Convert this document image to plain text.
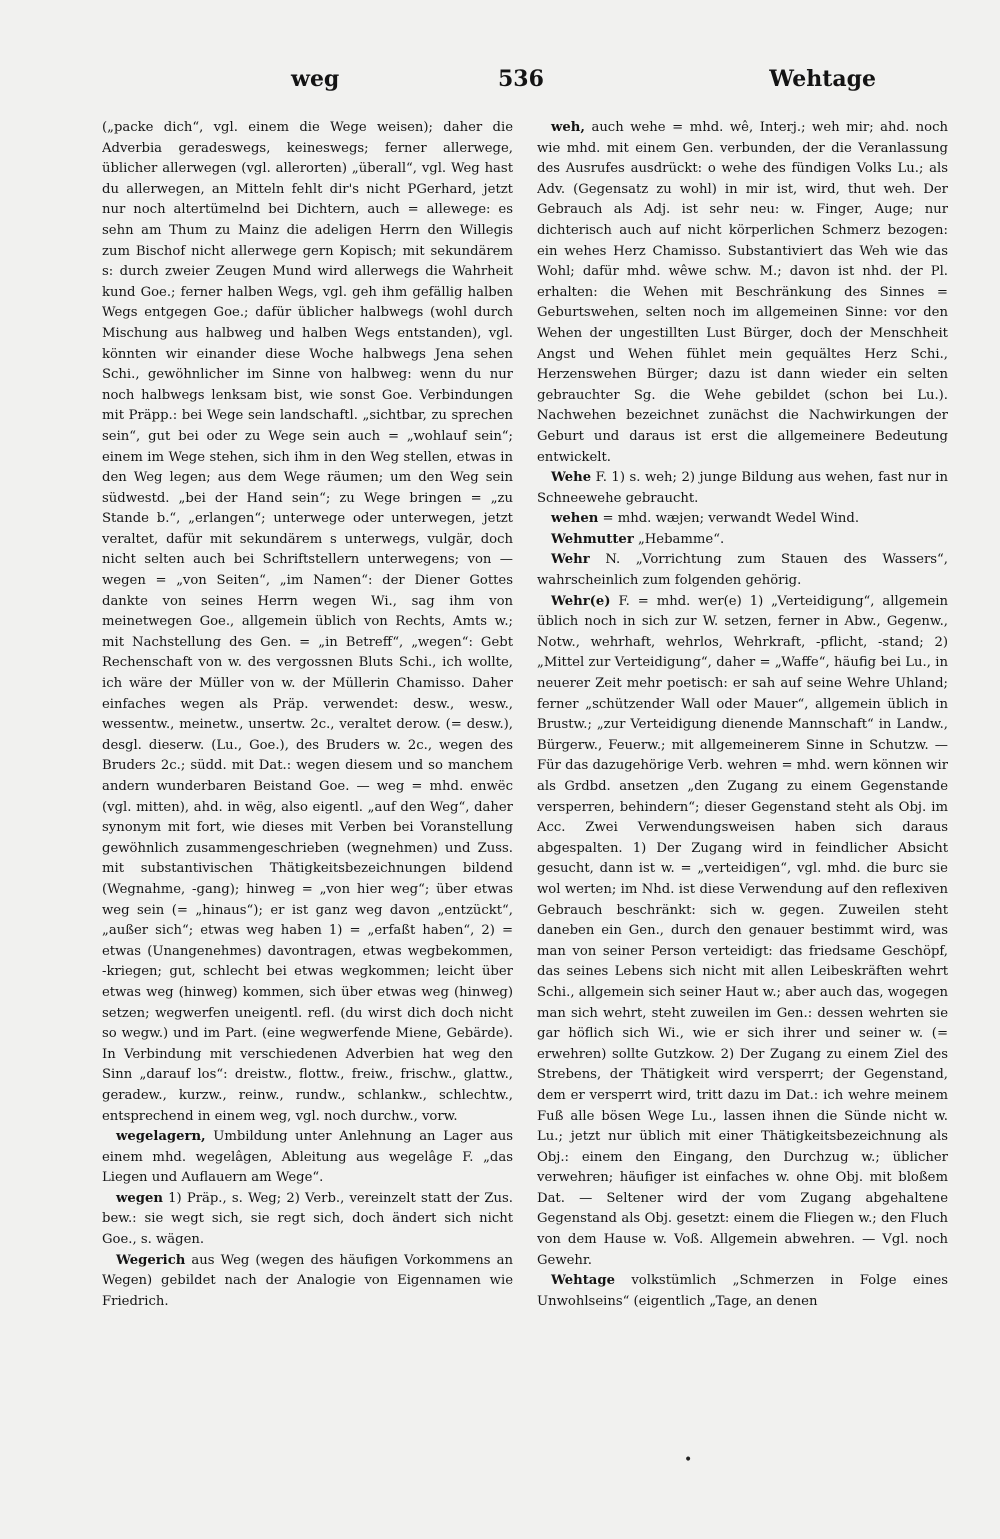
weg	536	Wehtage

(„packe dich“, vgl. einem die Wege weisen); daher die Adverbia geradeswegs, keineswegs; ferner allerwege, üblicher allerwegen (vgl. allerorten) „überall“, vgl. Weg hast du allerwegen, an Mitteln fehlt dir's nicht PGerhard, jetzt nur noch altertümelnd bei Dichtern, auch = allewege: es sehn am Thum zu Mainz die adeligen Herrn den Willegis zum Bischof nicht allerwege gern Kopisch; mit sekundärem s: durch zweier Zeugen Mund wird allerwegs die Wahrheit kund Goe.; ferner halben Wegs, vgl. geh ihm gefällig halben Wegs entgegen Goe.; dafür üblicher halbwegs (wohl durch Mischung aus halbweg und halben Wegs entstanden), vgl. könnten wir einander diese Woche halbwegs Jena sehen Schi., gewöhnlicher im Sinne von halbweg: wenn du nur noch halbwegs lenksam bist, wie sonst Goe. Verbindungen mit Präpp.: bei Wege sein landschaftl. „sichtbar, zu sprechen sein“, gut bei oder zu Wege sein auch = „wohlauf sein“; einem im Wege stehen, sich ihm in den Weg stellen, etwas in den Weg legen; aus dem Wege räumen; um den Weg sein südwestd. „bei der Hand sein“; zu Wege bringen = „zu Stande b.“, „erlangen“; unterwege oder unterwegen, jetzt veraltet, dafür mit sekundärem s unterwegs, vulgär, doch nicht selten auch bei Schriftstellern unterwegens; von — wegen = „von Seiten“, „im Namen“: der Diener Gottes dankte von seines Herrn wegen Wi., sag ihm von meinetwegen Goe., allgemein üblich von Rechts, Amts w.; mit Nachstellung des Gen. = „in Betreff“, „wegen“: Gebt Rechenschaft von w. des vergossnen Bluts Schi., ich wollte, ich wäre der Müller von w. der Müllerin Chamisso. Daher einfaches wegen als Präp. verwendet: desw., wesw., wessentw., meinetw., unsertw. 2c., veraltet derow. (= desw.), desgl. dieserw. (Lu., Goe.), des Bruders w. 2c., wegen des Bruders 2c.; südd. mit Dat.: wegen diesem und so manchem andern wunderbaren Beistand Goe. — weg = mhd. enwëc (vgl. mitten), ahd. in wëg, also eigentl. „auf den Weg“, daher synonym mit fort, wie dieses mit Verben bei Voranstellung gewöhnlich zusammengeschrieben (wegnehmen) und Zuss. mit substantivischen Thätigkeitsbezeichnungen bildend (Wegnahme, -gang); hinweg = „von hier weg“; über etwas weg sein (= „hinaus“); er ist ganz weg davon „entzückt“, „außer sich“; etwas weg haben 1) = „erfaßt haben“, 2) = etwas (Unangenehmes) davontragen, etwas wegbekommen, -kriegen; gut, schlecht bei etwas wegkommen; leicht über etwas weg (hinweg) kommen, sich über etwas weg (hinweg) setzen; wegwerfen uneigentl. refl. (du wirst dich doch nicht so wegw.) und im Part. (eine wegwerfende Miene, Gebärde). In Verbindung mit verschiedenen Adverbien hat weg den Sinn „darauf los“: dreistw., flottw., freiw., frischw., glattw., geradew., kurzw., reinw., rundw., schlankw., schlechtw., entsprechend in einem weg, vgl. noch durchw., vorw.

wegelagern, Umbildung unter Anlehnung an Lager aus einem mhd. wegelâgen, Ableitung aus wegelâge F. „das Liegen und Auflauern am Wege“.

wegen 1) Präp., s. Weg; 2) Verb., vereinzelt statt der Zus. bew.: sie wegt sich, sie regt sich, doch ändert sich nicht Goe., s. wägen.

Wegerich aus Weg (wegen des häufigen Vorkommens an Wegen) gebildet nach der Analogie von Eigennamen wie Friedrich.

weh, auch wehe = mhd. wê, Interj.; weh mir; ahd. noch wie mhd. mit einem Gen. verbunden, der die Veranlassung des Ausrufes ausdrückt: o wehe des fündigen Volks Lu.; als Adv. (Gegensatz zu wohl) in mir ist, wird, thut weh. Der Gebrauch als Adj. ist sehr neu: w. Finger, Auge; nur dichterisch auch auf nicht körperlichen Schmerz bezogen: ein wehes Herz Chamisso. Substantiviert das Weh wie das Wohl; dafür mhd. wêwe schw. M.; davon ist nhd. der Pl. erhalten: die Wehen mit Beschränkung des Sinnes = Geburtswehen, selten noch im allgemeinen Sinne: vor den Wehen der ungestillten Lust Bürger, doch der Menschheit Angst und Wehen fühlet mein gequältes Herz Schi., Herzenswehen Bürger; dazu ist dann wieder ein selten gebrauchter Sg. die Wehe gebildet (schon bei Lu.). Nachwehen bezeichnet zunächst die Nachwirkungen der Geburt und daraus ist erst die allgemeinere Bedeutung entwickelt.

Wehe F. 1) s. weh; 2) junge Bildung aus wehen, fast nur in Schneewehe gebraucht.

wehen = mhd. wæjen; verwandt Wedel Wind.

Wehmutter „Hebamme“.

Wehr N. „Vorrichtung zum Stauen des Wassers“, wahrscheinlich zum folgenden gehörig.

Wehr(e) F. = mhd. wer(e) 1) „Verteidigung“, allgemein üblich noch in sich zur W. setzen, ferner in Abw., Gegenw., Notw., wehrhaft, wehrlos, Wehrkraft, -pflicht, -stand; 2) „Mittel zur Verteidigung“, daher = „Waffe“, häufig bei Lu., in neuerer Zeit mehr poetisch: er sah auf seine Wehre Uhland; ferner „schützender Wall oder Mauer“, allgemein üblich in Brustw.; „zur Verteidigung dienende Mannschaft“ in Landw., Bürgerw., Feuerw.; mit allgemeinerem Sinne in Schutzw. — Für das dazugehörige Verb. wehren = mhd. wern können wir als Grdbd. ansetzen „den Zugang zu einem Gegenstande versperren, behindern“; dieser Gegenstand steht als Obj. im Acc. Zwei Verwendungsweisen haben sich daraus abgespalten. 1) Der Zugang wird in feindlicher Absicht gesucht, dann ist w. = „verteidigen“, vgl. mhd. die burc sie wol werten; im Nhd. ist diese Verwendung auf den reflexiven Gebrauch beschränkt: sich w. gegen. Zuweilen steht daneben ein Gen., durch den genauer bestimmt wird, was man von seiner Person verteidigt: das friedsame Geschöpf, das seines Lebens sich nicht mit allen Leibeskräften wehrt Schi., allgemein sich seiner Haut w.; aber auch das, wogegen man sich wehrt, steht zuweilen im Gen.: dessen wehrten sie gar höflich sich Wi., wie er sich ihrer und seiner w. (= erwehren) sollte Gutzkow. 2) Der Zugang zu einem Ziel des Strebens, der Thätigkeit wird versperrt; der Gegenstand, dem er versperrt wird, tritt dazu im Dat.: ich wehre meinem Fuß alle bösen Wege Lu., lassen ihnen die Sünde nicht w. Lu.; jetzt nur üblich mit einer Thätigkeitsbezeichnung als Obj.: einem den Eingang, den Durchzug w.; üblicher verwehren; häufiger ist einfaches w. ohne Obj. mit bloßem Dat. — Seltener wird der vom Zugang abgehaltene Gegenstand als Obj. gesetzt: einem die Fliegen w.; den Fluch von dem Hause w. Voß. Allgemein abwehren. — Vgl. noch Gewehr.

Wehtage volkstümlich „Schmerzen in Folge eines Unwohlseins“ (eigentlich „Tage, an denen

•
